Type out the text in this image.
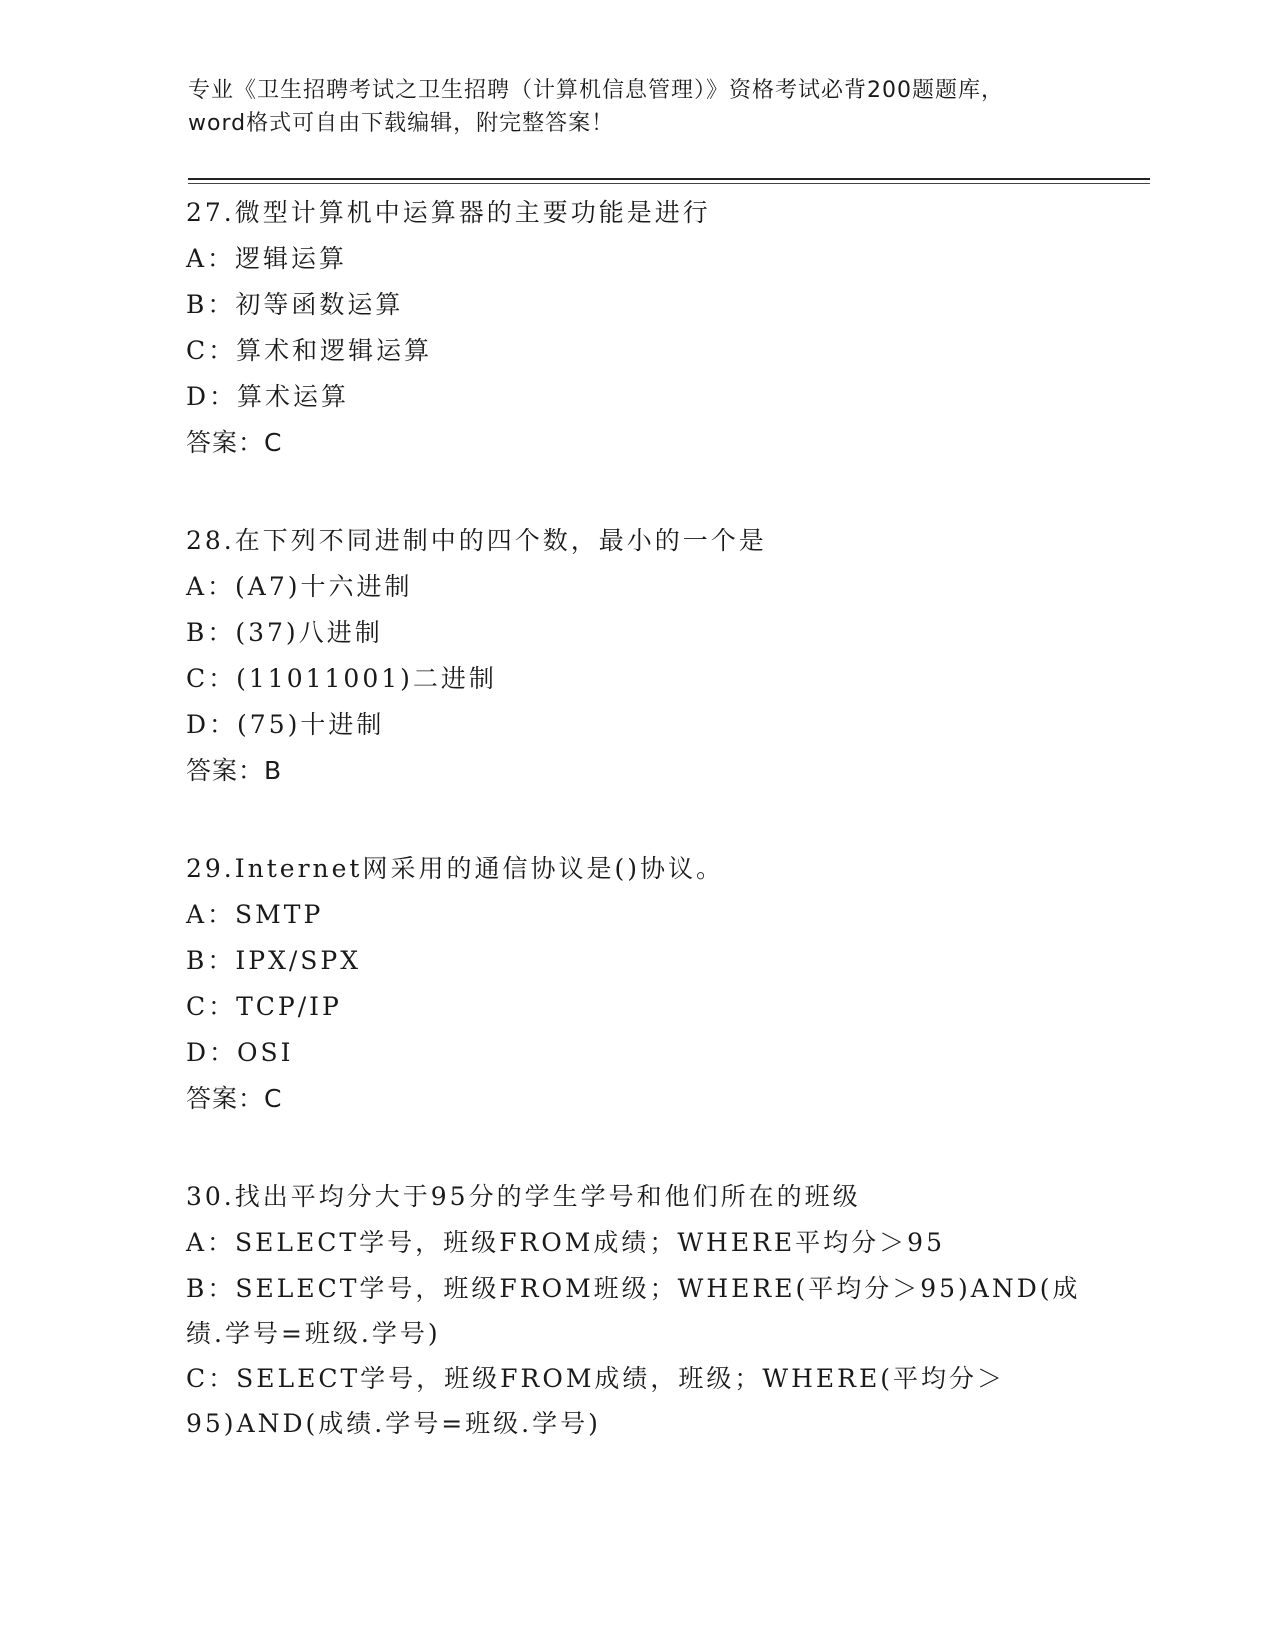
专业《卫生招聘考试之卫生招聘（计算机信息管理）》资格考试必背200题题库，
word格式可自由下载编辑，附完整答案！
27.微型计算机中运算器的主要功能是进行
A：逻辑运算
B：初等函数运算
C：算术和逻辑运算
D：算术运算
答案：C
28.在下列不同进制中的四个数，最小的一个是
A：(A7)十六进制
B：(37)八进制
C：(11011001)二进制
D：(75)十进制
答案：B
29.Internet网采用的通信协议是()协议。
A：SMTP
B：IPX/SPX
C：TCP/IP
D：OSI
答案：C
30.找出平均分大于95分的学生学号和他们所在的班级
A：SELECT学号，班级FROM成绩；WHERE平均分＞95
B：SELECT学号，班级FROM班级；WHERE(平均分＞95)AND(成绩.学号=班级.学号)
C：SELECT学号，班级FROM成绩，班级；WHERE(平均分＞95)AND(成绩.学号=班级.学号)
